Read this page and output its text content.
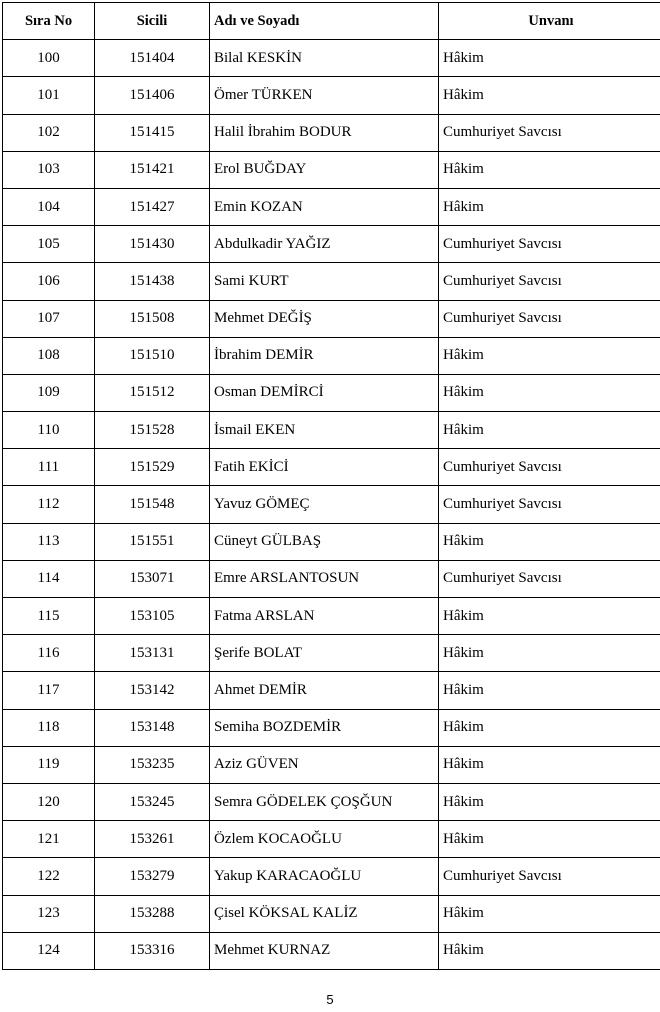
Sıra No	Sicili	Adı ve Soyadı	Unvanı
100	151404	Bilal KESKİN	Hâkim
101	151406	Ömer TÜRKEN	Hâkim
102	151415	Halil İbrahim BODUR	Cumhuriyet Savcısı
103	151421	Erol BUĞDAY	Hâkim
104	151427	Emin KOZAN	Hâkim
105	151430	Abdulkadir YAĞIZ	Cumhuriyet Savcısı
106	151438	Sami KURT	Cumhuriyet Savcısı
107	151508	Mehmet DEĞİŞ	Cumhuriyet Savcısı
108	151510	İbrahim DEMİR	Hâkim
109	151512	Osman DEMİRCİ	Hâkim
110	151528	İsmail EKEN	Hâkim
111	151529	Fatih EKİCİ	Cumhuriyet Savcısı
112	151548	Yavuz GÖMEÇ	Cumhuriyet Savcısı
113	151551	Cüneyt GÜLBAŞ	Hâkim
114	153071	Emre ARSLANTOSUN	Cumhuriyet Savcısı
115	153105	Fatma ARSLAN	Hâkim
116	153131	Şerife BOLAT	Hâkim
117	153142	Ahmet DEMİR	Hâkim
118	153148	Semiha BOZDEMİR	Hâkim
119	153235	Aziz GÜVEN	Hâkim
120	153245	Semra GÖDELEK ÇOŞĞUN	Hâkim
121	153261	Özlem KOCAOĞLU	Hâkim
122	153279	Yakup KARACAOĞLU	Cumhuriyet Savcısı
123	153288	Çisel KÖKSAL KALİZ	Hâkim
124	153316	Mehmet KURNAZ	Hâkim
5
